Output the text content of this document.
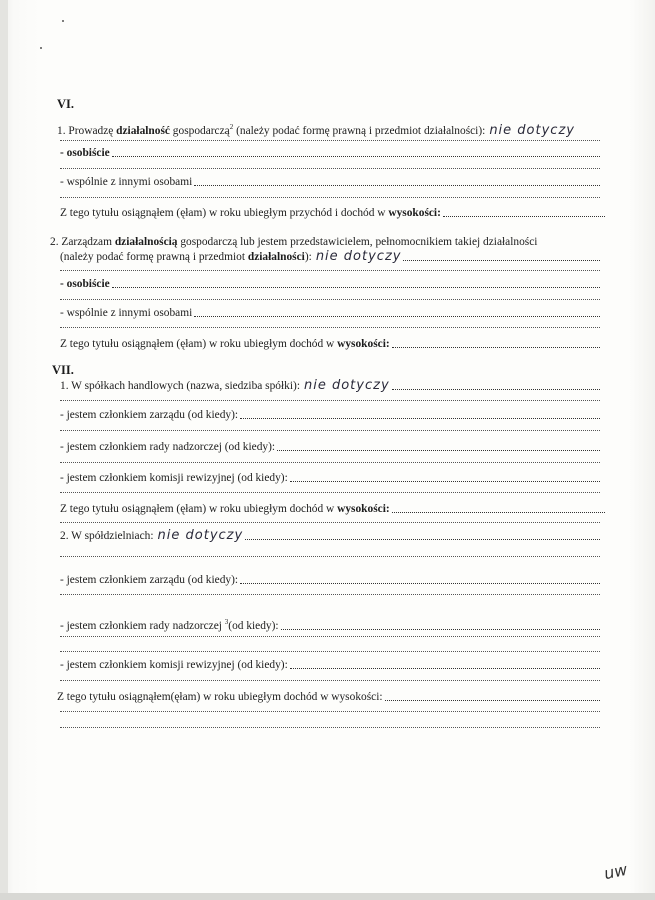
VI.
1. Prowadzę działalność gospodarczą$^2$ (należy podać formę prawną i przedmiot działalności): nie dotyczy
- osobiście
- wspólnie z innymi osobami
Z tego tytułu osiągnąłem (ęłam) w roku ubiegłym przychód i dochód w wysokości:
2. Zarządzam działalnością gospodarczą lub jestem przedstawicielem, pełnomocnikiem takiej działalności
(należy podać formę prawną i przedmiot działalności): nie dotyczy
- osobiście
- wspólnie z innymi osobami
Z tego tytułu osiągnąłem (ęłam) w roku ubiegłym dochód w wysokości:
VII.
1. W spółkach handlowych (nazwa, siedziba spółki): nie dotyczy
- jestem członkiem zarządu (od kiedy):
- jestem członkiem rady nadzorczej (od kiedy):
- jestem członkiem komisji rewizyjnej (od kiedy):
Z tego tytułu osiągnąłem (ęłam) w roku ubiegłym dochód w wysokości:
2. W spółdzielniach: nie dotyczy
- jestem członkiem zarządu (od kiedy):
- jestem członkiem rady nadzorczej $^3$(od kiedy):
- jestem członkiem komisji rewizyjnej (od kiedy):
Z tego tytułu osiągnąłem(ęłam) w roku ubiegłym dochód w wysokości:
uw
